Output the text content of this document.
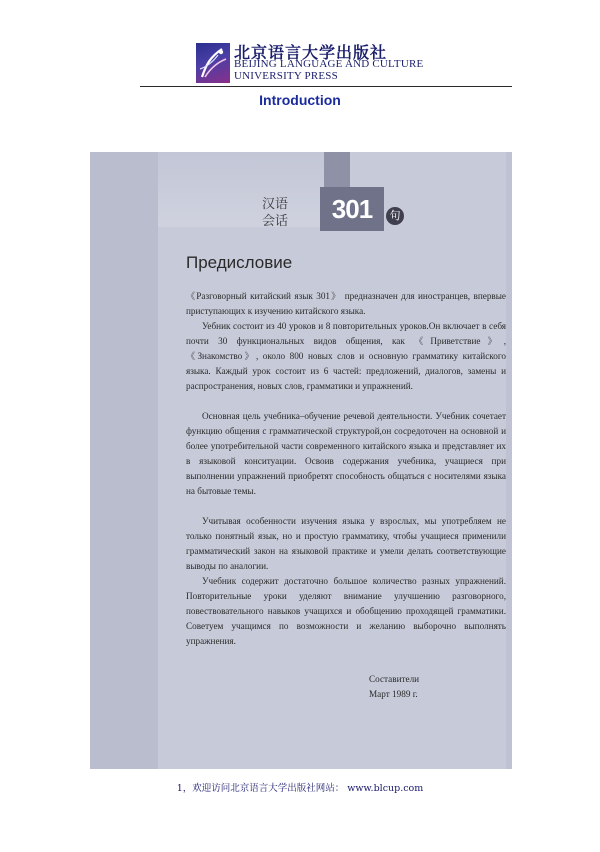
北京语言大学出版社
BEIJING LANGUAGE AND CULTURE
UNIVERSITY PRESS
Introduction
汉语
会话	301	句
Предисловие

《Разговорный китайский язык 301》 предназначен для иностранцев, впервые приступающих к изучению китайского языка.

Уебник состоит из 40 уроков и 8 повторительных уроков.Он включает в себя почти 30 функциональных видов общения, как 《Приветствие》, 《Знакомство》, около 800 новых слов и основную грамматику китайского языка. Каждый урок состоит из 6 частей: предложений, диалогов, замены и распространения, новых слов, грамматики и упражнений.

Основная цель учебника–обучение речевой деятельности. Учебник сочетает функцию общения с грамматической структурой,он сосредоточен на основной и более употребительной части современного китайского языка и представляет их в языковой конситуации. Освоив содержания учебника, учащиеся при выполнении упражнений приобретят способность общаться с носителями языка на бытовые темы.

Учитывая особенности изучения языка у взрослых, мы употребляем не только понятный язык, но и простую грамматику, чтобы учащиеся применили грамматический закон на языковой практике и умели делать соответствующие выводы по аналогии.

Учебник содержит достаточно большое количество разных упражнений. Повторительные уроки уделяют внимание улучшению разговорного, повествовательного навыков учащихся и обобщению проходящей грамматики. Советуем учащимся по возможности и желанию выборочно выполнять упражнения.

Составители
Март 1989 г.
1，欢迎访问北京语言大学出版社网站： www.blcup.com
